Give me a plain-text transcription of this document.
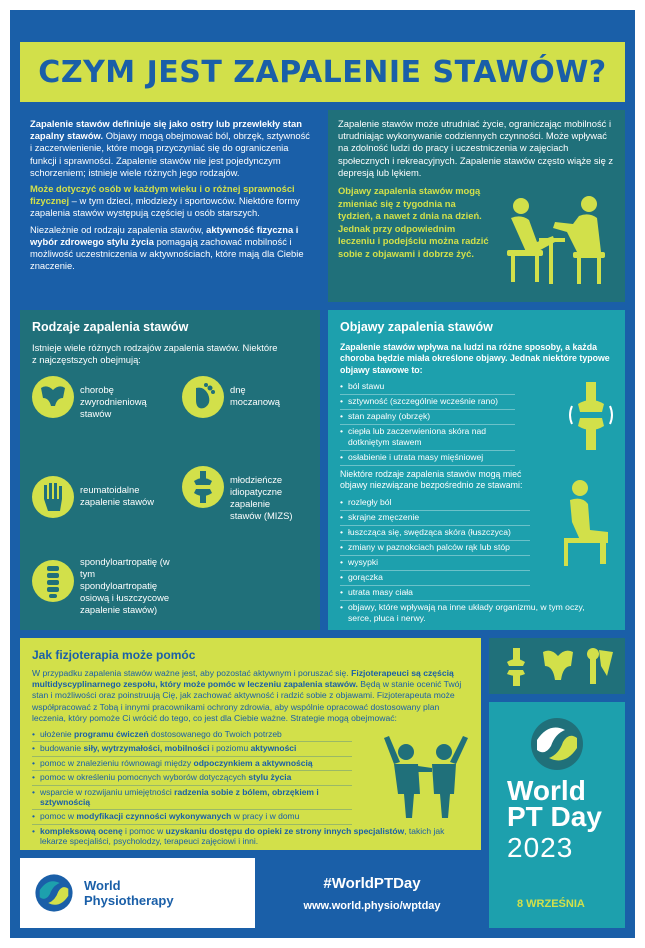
CZYM JEST ZAPALENIE STAWÓW?

Zapalenie stawów definiuje się jako ostry lub przewlekły stan zapalny stawów. Objawy mogą obejmować ból, obrzęk, sztywność i zaczerwienienie, które mogą przyczyniać się do ograniczenia funkcji i sprawności. Zapalenie stawów nie jest pojedynczym schorzeniem; istnieje wiele różnych jego rodzajów.

Może dotyczyć osób w każdym wieku i o różnej sprawności fizycznej – w tym dzieci, młodzieży i sportowców. Niektóre formy zapalenia stawów występują częściej u osób starszych.

Niezależnie od rodzaju zapalenia stawów, aktywność fizyczna i wybór zdrowego stylu życia pomagają zachować mobilność i możliwość uczestniczenia w aktywnościach, które mają dla Ciebie znaczenie.

Zapalenie stawów może utrudniać życie, ograniczając mobilność i utrudniając wykonywanie codziennych czynności. Może wpływać na zdolność ludzi do pracy i uczestniczenia w zajęciach społecznych i rekreacyjnych. Zapalenie stawów często wiąże się z depresją lub lękiem.

Objawy zapalenia stawów mogą zmieniać się z tygodnia na tydzień, a nawet z dnia na dzień. Jednak przy odpowiednim leczeniu i podejściu można radzić sobie z objawami i dobrze żyć.

Rodzaje zapalenia stawów

Istnieje wiele różnych rodzajów zapalenia stawów. Niektóre z najczęstszych obejmują:

chorobę zwyrodnieniową stawów
dnę moczanową
reumatoidalne zapalenie stawów
młodzieńcze idiopatyczne zapalenie stawów (MIZS)
spondyloartropatię (w tym spondyloartropatię osiową i łuszczycowe zapalenie stawów)
Objawy zapalenia stawów

Zapalenie stawów wpływa na ludzi na różne sposoby, a każda choroba będzie miała określone objawy. Jednak niektóre typowe objawy stawowe to:

• ból stawu
• sztywność (szczególnie wcześnie rano)
• stan zapalny (obrzęk)
• ciepła lub zaczerwieniona skóra nad dotkniętym stawem
• osłabienie i utrata masy mięśniowej

Niektóre rodzaje zapalenia stawów mogą mieć objawy niezwiązane bezpośrednio ze stawami:

• rozległy ból
• skrajne zmęczenie
• łuszcząca się, swędząca skóra (łuszczyca)
• zmiany w paznokciach palców rąk lub stóp
• wysypki
• gorączka
• utrata masy ciała
• objawy, które wpływają na inne układy organizmu, w tym oczy, serce, płuca i nerwy.
Jak fizjoterapia może pomóc

W przypadku zapalenia stawów ważne jest, aby pozostać aktywnym i poruszać się. Fizjoterapeuci są częścią multidyscyplinarnego zespołu, który może pomóc w leczeniu zapalenia stawów. Będą w stanie ocenić Twój stan i możliwości oraz poinstruują Cię, jak zachować aktywność i radzić sobie z objawami. Fizjoterapeuta może współpracować z Tobą i innymi pracownikami ochrony zdrowia, aby wspólnie opracować dostosowany plan leczenia, który pomoże Ci wrócić do tego, co jest dla Ciebie ważne. Strategie mogą obejmować:

• ułożenie programu ćwiczeń dostosowanego do Twoich potrzeb
• budowanie siły, wytrzymałości, mobilności i poziomu aktywności
• pomoc w znalezieniu równowagi między odpoczynkiem a aktywnością
• pomoc w określeniu pomocnych wyborów dotyczących stylu życia
• wsparcie w rozwijaniu umiejętności radzenia sobie z bólem, obrzękiem i sztywnością
• pomoc w modyfikacji czynności wykonywanych w pracy i w domu
• kompleksową ocenę i pomoc w uzyskaniu dostępu do opieki ze strony innych specjalistów, takich jak lekarze specjaliści, psycholodzy, terapeuci zajęciowi i inni.
World
PT Day
2023
8 WRZEŚNIA
World
Physiotherapy
#WorldPTDay
www.world.physio/wptday
